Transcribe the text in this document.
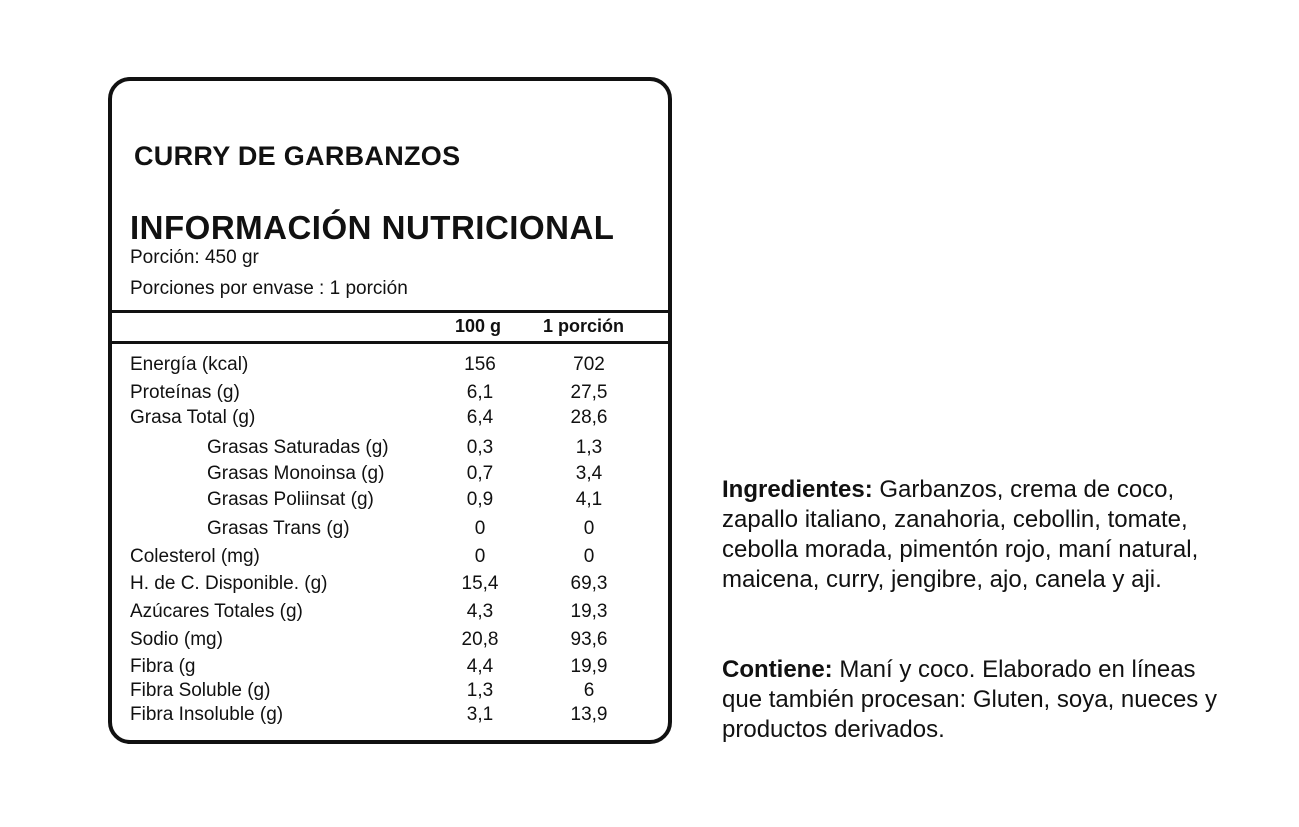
CURRY DE GARBANZOS
INFORMACIÓN NUTRICIONAL
Porción: 450 gr
Porciones por envase : 1 porción
100 g 1 porción
Energía (kcal)	156	702
Proteínas (g)	6,1	27,5
Grasa Total (g)	6,4	28,6
Grasas Saturadas (g)	0,3	1,3
Grasas Monoinsa (g)	0,7	3,4
Grasas Poliinsat (g)	0,9	4,1
Grasas Trans (g)	0	0
Colesterol (mg)	0	0
H. de C. Disponible. (g)	15,4	69,3
Azúcares Totales (g)	4,3	19,3
Sodio (mg)	20,8	93,6
Fibra (g	4,4	19,9
Fibra Soluble (g)	1,3	6
Fibra Insoluble (g)	3,1	13,9
Ingredientes: Garbanzos, crema de coco, zapallo italiano, zanahoria, cebollin, tomate, cebolla morada, pimentón rojo, maní natural, maicena, curry, jengibre, ajo, canela y aji.
Contiene: Maní y coco. Elaborado en líneas que también procesan: Gluten, soya, nueces y productos derivados.
